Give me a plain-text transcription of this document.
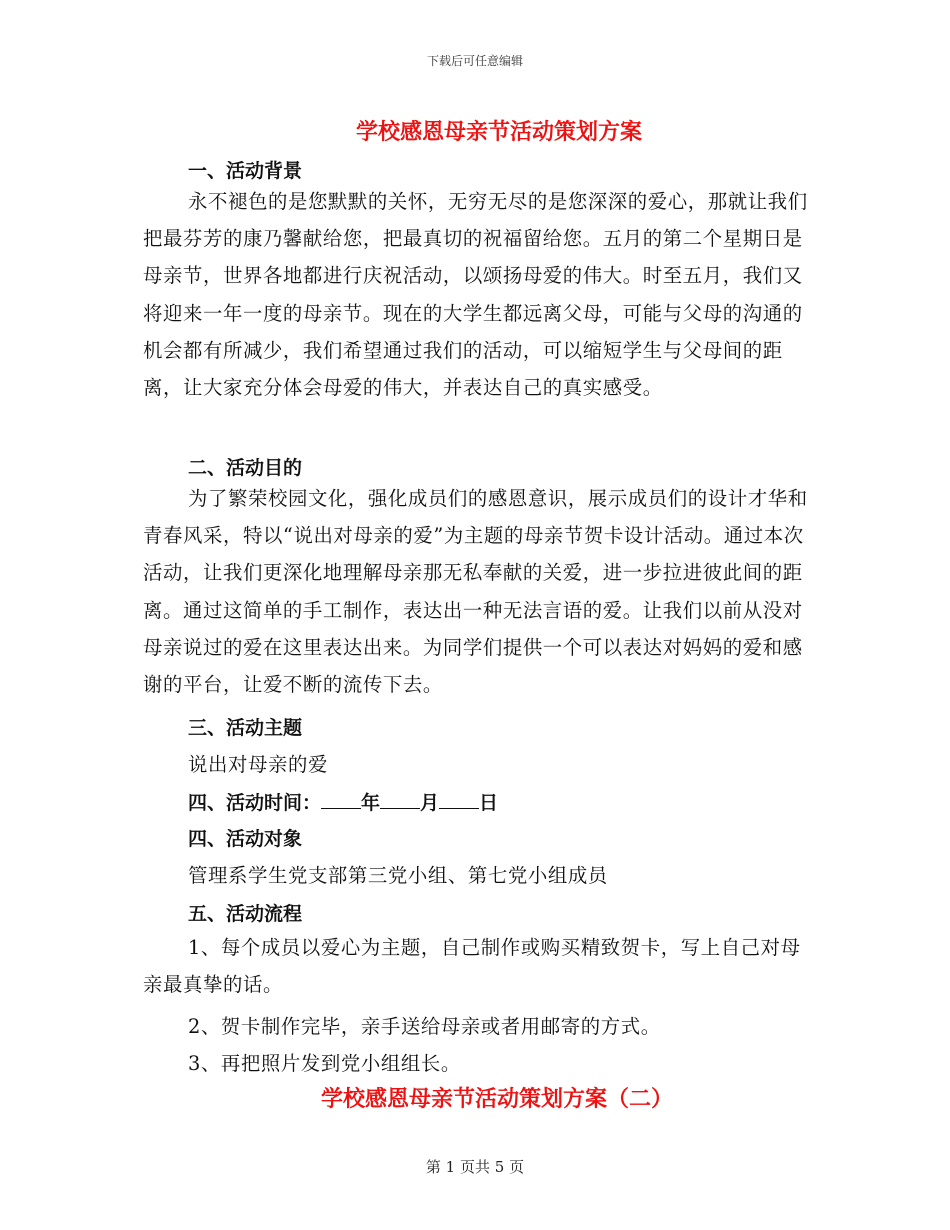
下载后可任意编辑
学校感恩母亲节活动策划方案
一、活动背景
永不褪色的是您默默的关怀，无穷无尽的是您深深的爱心，那就让我们把最芬芳的康乃馨献给您，把最真切的祝福留给您。五月的第二个星期日是母亲节，世界各地都进行庆祝活动，以颂扬母爱的伟大。时至五月，我们又将迎来一年一度的母亲节。现在的大学生都远离父母，可能与父母的沟通的机会都有所减少，我们希望通过我们的活动，可以缩短学生与父母间的距离，让大家充分体会母爱的伟大，并表达自己的真实感受。
二、活动目的
为了繁荣校园文化，强化成员们的感恩意识，展示成员们的设计才华和青春风采，特以“说出对母亲的爱”为主题的母亲节贺卡设计活动。通过本次活动，让我们更深化地理解母亲那无私奉献的关爱，进一步拉进彼此间的距离。通过这简单的手工制作，表达出一种无法言语的爱。让我们以前从没对母亲说过的爱在这里表达出来。为同学们提供一个可以表达对妈妈的爱和感谢的平台，让爱不断的流传下去。
三、活动主题
说出对母亲的爱
四、活动时间： 年 月 日
四、活动对象
管理系学生党支部第三党小组、第七党小组成员
五、活动流程
1、每个成员以爱心为主题，自己制作或购买精致贺卡，写上自己对母亲最真挚的话。
2、贺卡制作完毕，亲手送给母亲或者用邮寄的方式。
3、再把照片发到党小组组长。
学校感恩母亲节活动策划方案（二）
第 1 页共 5 页
